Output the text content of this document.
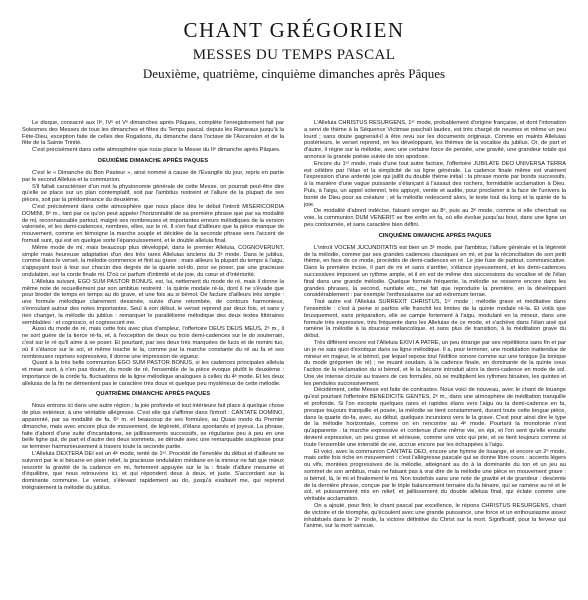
CHANT GRÉGORIEN
MESSES DU TEMPS PASCAL
Deuxième, quatrième, cinquième dimanches après Pâques

Le disque, consacré aux IIᵉ, IVᵉ et Vᵉ dimanches après Pâques, complète l'enregistrement fait par Solesmes des Messes de tous les dimanches et fêtes du Temps pascal, depuis les Rameaux jusqu'à la Fête-Dieu, exception faite de celles des Rogations, du dimanche dans l'octave de l'Ascension et de la fête de la Sainte Trinité.

C'est précisément dans cette atmosphère que nous place la Messe du IIᵉ dimanche après Pâques.

DEUXIÈME DIMANCHE APRÈS PAQUES

C'est le « Dimanche du Bon Pasteur », ainsi nommé à cause de l'Évangile du jour, repris en partie par le second Alleluia et la communion.

S'il fallait caractériser d'un mot la physionomie générale de cette Messe, on pourrait peut-être dire qu'elle se place sur un plan contemplatif, soit par l'ambitus restreint et l'allure de la plupart de ses pièces, soit par la prédominance du deuxième.

C'est précisément dans cette atmosphère que nous place dès le début l'introït MISERICORDIA DOMINI, 8ᵉ m., tant par ce qu'on peut appeler l'horizontalité de sa première phrase que par sa modalité de mi, reconnaissable partout, malgré ses nombreuses et importantes erreurs mélodiques de la version valorisée, et les demi-cadences, nombres, elles, sur le ré. Il s'en faut d'ailleurs que la pièce manque de mouvement, comme en témoigne la marche souple et décidée de la seconde phrase vers l'accent de formati sunt, qui est en quelque sorte l'épanouissement, et le double alleluia final.

Même mode de mi, mais beaucoup plus développé, dans le premier Alleluia, COGNOVERUNT, simple mais heureuse adaptation d'un des très rares Alleluias anciens du 3ᵉ mode. Dans le jubilus, comme dans le verset, la mélodie commence et finit au grave ; mais ailleurs la plupart du temps à l'aigu, s'appuyant tour à tour sur chacun des degrés de la quarte sol-do, pour se poser, par une gracieuse ondulation, sur la corde finale mi. D'où ce parfum d'intimité et de joie, du cœur et d'intériorité.

L'Alleluia suivant, EGO SUM PASTOR BONUS, est, lui, nettement du mode de ré, mais il donne la même note de recueillement par son ambitus restreint : la quinte modale ré-la, dont il ne s'évade que pour broder de temps en temps au do grave, et une fois au si bémol. De facture d'ailleurs très simple : une formule mélodique clairement dessinée, suivie d'une retombée, de contours harmonieux, s'enroulant autour des notes importantes. Seul à son début, le verset reprend par deux fois, et sans y rien changer, la mélodie du jubilus : remarquer le parallélisme mélodique des deux textes littéraires semblables : et cognosco, et cognoscunt me.

Aussi du mode de ré, mais cette fois avec plus d'ampleur, l'offertoire DEUS DEUS MEUS, 2ᵉ m., il ne sort guère de la tierce ré-fa, et, à l'exception de deux ou trois demi-cadences sur le do souterrain, c'est sur le ré qu'il aime à se poser. Et pourtant, par ses deux très marquées de lucis et de nomini tuo, où il s'élance sur le sol, et même touche le la, comme par la marche constante du ré au fa et ses nombreuses reprises expressives, il donne une impression de vigueur.

Quant à la très belle communion EGO SUM PASTOR BONUS, si les cadences principales alleluia et meae sunt, à n'en pas douter, du mode de ré, l'ensemble de la pièce évoque plutôt le deuxième : importance de la corde fa, fluctuations de la ligne mélodique analogues à celles du 4ᵉ mode. Et les deux alleluias de la fin ne démentent pas le caractère très doux et quelque peu mystérieux de cette mélodie.

QUATRIÈME DIMANCHE APRÈS PAQUES

Nous entrons ici dans une autre région ; la joie profonde et tout intérieure fait place à quelque chose de plus extérieur, à une véritable allégresse. C'est elle qui s'affirme dans l'introït : CANTATE DOMINO, apparenté, par sa modalité de fa, 6ᵉ m. et beaucoup de ses formules, au Quasi modo du Premier dimanche, mais avec encore plus de mouvement, de légèreté, d'élans spontanés et joyeux. La phrase, faite d'abord d'une suite d'incantations, se jaillissements successifs, se régularise peu à peu en une belle ligne qui, de part et d'autre des deux sommets, se déroule avec une remarquable souplesse pour se terminer harmonieusement à travers toute la seconde partie.

L'Alleluia DEXTERA DEI est un 4ᵉ mode, tenté de 1ᵉʳ. Procédé de l'envolée du début et d'ailleurs se suivront par le si bécarre en plein relief, la gracieuse ondulation médiane en la mineur ne fait que mieux ressortir la gravité de la cadence en mi, fortement appuyée sur le la : finale d'allure mesurée et d'équilibre, que nous retrouvons ici, et qui répondent deux à deux, et juste. S'accordant sur la dominante commune. Le verset, s'élevant rapidement au do, jusqu'à exaltavit me, qui reprend intégralement la mélodie du jubilus.

L'Alleluia CHRISTUS RESURGENS, 1ᵉʳ mode, probablement d'origine française, et dont l'intonation a servi de thème à la Séquence Victimae paschali laudes, est très chargé de neumes et même un peu lourd ; sans doute gagnerait-il à être revu sur les documents originaux. Comme en maints Alleluias postérieurs, le verset reprend, en les développant, les thèmes de la vocalise du jubilus. Or, de part et d'autre, il règne sur la mélodie, avec une certaine force de pensée, une gravité, une grandeur totale qui annonce la grande poésie suivie de son apodose.

Encore du 1ᵉʳ mode, mais d'une tout autre facture, l'offertoire JUBILATE DEO UNIVERSA TERRA est célèbre par l'élan et la simplicité de sa ligne générale. La cadence finale même est vraiment l'expression d'une ardente joie qui jaillit du double thème initial : la phrase monte par bonds successifs, à la manière d'une vague puissante s'élançant à l'assaut des rochers, formidable acclamation à Dieu. Puis, à l'aigu, un appel solennel, très appuyé, venite et audite, pour proclamer à la face de l'univers la bonté de Dieu pour sa créature ; et la mélodie redescend alors, le texte tout du long et la quinte de la joie.

De modalité d'abord indécise, faisant songer au 8ᵉ, puis au 3ᵉ mode, comme si elle cherchait sa voie, la communion DUM VENERIT se fixe enfin en fa, où elle évolue jusqu'au bout, dans une ligne un peu contournée, et sans caractère bien défini.

CINQUIÈME DIMANCHE APRÈS PAQUES

L'introït VOCEM JUCUNDITATIS est bien un 3ᵉ mode, par l'ambitus, l'allure générale et la légèreté de la mélodie, comme par ses grandes cadences classiques en mi, et par la réconciliation de son petit thème, en face de ce mode, procédés de demi-cadences en ré. Le joie fuse de partout, communicative. Dans la première incise, il part de mi et sans s'arrêter, s'élance joyeusement, et les demi-cadences successives imposent un rythme ample, et il en est de même des successions du vocalise et de l'élan final dans une grande mélodie. Quelque formule fréquente, la mélodie se resserre encore dans les grandes phrases, la second, nuntiate etc., ne fait que reproduire la première, en la développant considérablement : par exemple l'enthousiasme sur ad extremum terrae.

Tout autre est l'Alleluia SURREXIT CHRISTUS, 1ᵉʳ mode ; mélodie grave et méditative dans l'ensemble : c'est à peine si parfois elle franchit les limites de la quinte modale ré-la. Et voilà que brusquement, sans préparation, elle se campe fortement à l'aigu, modulant en la mineur, dans une formule très expressive, très fréquente dans les Alleluias de ce mode, et s'achève dans l'élan aisé qui ramène la mélodie à la douceur mélancolique, et sans plus de transition, à la méditation grave du début.

Très différent encore est l'Alleluia EXIVI A PATRE, un peu étrange par ses répétitions sans fin et par un je ne sais quoi d'exotique dans sa ligne mélodique. Il a, pour terminer, une modulation inattendue de mineur en majeur, le si bémol, par lequel repose tout l'édifice sonore comme sur une tonique (la tonique du mode grégorien de ré) ; ne muant soudain, à la cadence finale, en dominante de la quinte sous l'action de la réclamation du si bémol, et le la bécarre introduit alors la demi-cadence en mode de sol. Une vie intense circule au travers de ces formules, où se multiplient les rythmes binaires, les quintes et les pendules successivement.

Décidément, cette Messe est faite de contrastes. Nous voici de nouveau, avec le chant de louange qu'est pourtant l'offertoire BENEDICITE GENTES, 2ᵉ m., dans une atmosphère de méditation tranquille et profonde. Si l'on excepte quelques rares et rapides élans vers l'aigu ou la demi-cadence en fa, presque toujours tranquille et posée, la mélodie se tient constamment, durant toute cette longue pièce, dans la quarte do-fa, avec, au début, quelques incursions vers le la grave. C'est pour ainsi dire le type de la mélodie horizontale, comme on en rencontre au 4ᵉ mode. Pourtant la monotonie n'est qu'apparente : la marche expressive et contenue d'une même vie, en épi, et l'on sent qu'elle ensuite devient expressive, un peu grave et sérieuse, comme une voix qui prie, et se tient toujours comme si toute l'ensemble une intensité de vie, accrue encore par les échappées à l'aigu.

Et voici, avec la communion CANTATE DEO, encore une hymne de louange, et encore un 2ᵉ mode, mais cette fois riche en mouvement : c'est l'allégresse pascale qui se donne libre cours : accents légers ou vifs, montées progressives de la mélodie, atteignant au do à la dominante du ton et un jeu au sommet de son ambitus, mais ne faisant pas à vrai dire de la mélodie une pièce en mouvement grave : si bémol, là, le mi et finalement le mi. Non toutefois sans une note de gravité et de grandeur : descente de la dernière phrase, conçue par le triple balancement ternaire du fa binaire, qui se ramène au ré et le sol, et puissamment mis en relief, et jaillissement du double alleluia final, qui éclate comme une véritable acclamation.

On a ajouté, pour finir, le chant pascal par excellence, le répons CHRISTUS RESURGENS, chant de victoire et de triomphe, qu'écoulent avec une grande puissance, une force et un enthousiasme assez inhabituels dans le 2ᵉ mode, la victoire définitive du Christ sur la mort. Significatif, pour la ferveur qui l'anime, sur la mort vaincue.
